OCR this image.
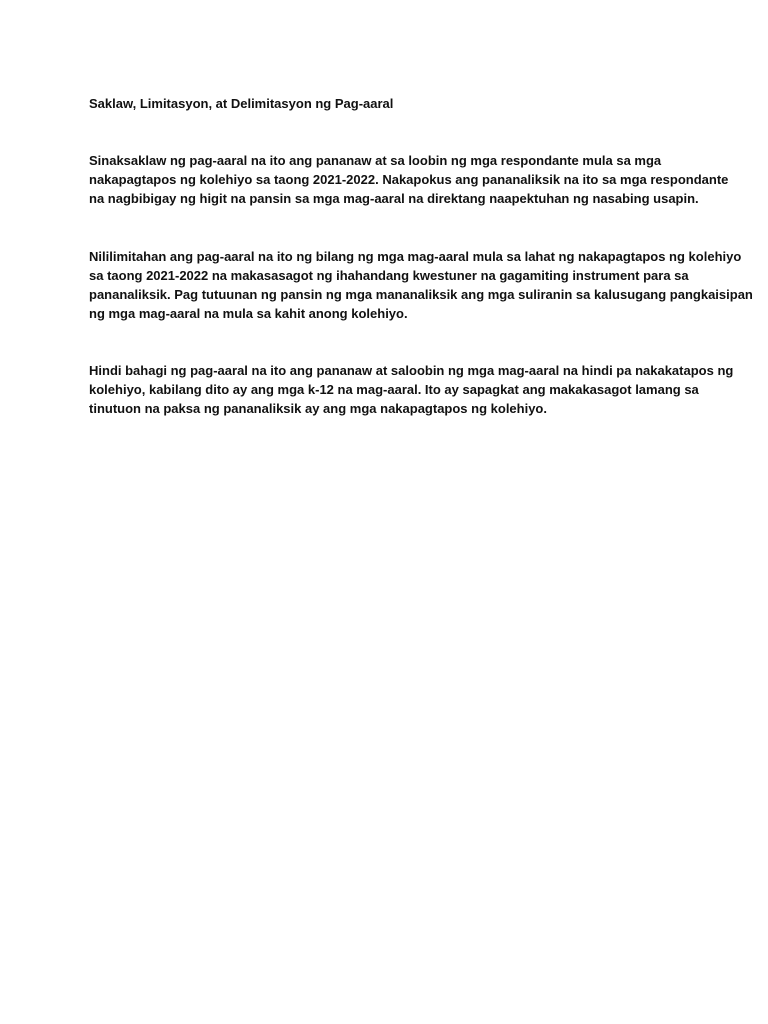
Saklaw, Limitasyon, at Delimitasyon ng Pag-aaral

Sinaksaklaw ng pag-aaral na ito ang pananaw at sa loobin ng mga respondante mula sa mga
nakapagtapos ng kolehiyo sa taong 2021-2022. Nakapokus ang pananaliksik na ito sa mga respondante
na nagbibigay ng higit na pansin sa mga mag-aaral na direktang naapektuhan ng nasabing usapin.

Nililimitahan ang pag-aaral na ito ng bilang ng mga mag-aaral mula sa lahat ng nakapagtapos ng kolehiyo
sa taong 2021-2022 na makasasagot ng ihahandang kwestuner na gagamiting instrument para sa
pananaliksik. Pag tutuunan ng pansin ng mga mananaliksik ang mga suliranin sa kalusugang pangkaisipan
ng mga mag-aaral na mula sa kahit anong kolehiyo.

Hindi bahagi ng pag-aaral na ito ang pananaw at saloobin ng mga mag-aaral na hindi pa nakakatapos ng
kolehiyo, kabilang dito ay ang mga k-12 na mag-aaral. Ito ay sapagkat ang makakasagot lamang sa
tinutuon na paksa ng pananaliksik ay ang mga nakapagtapos ng kolehiyo.
